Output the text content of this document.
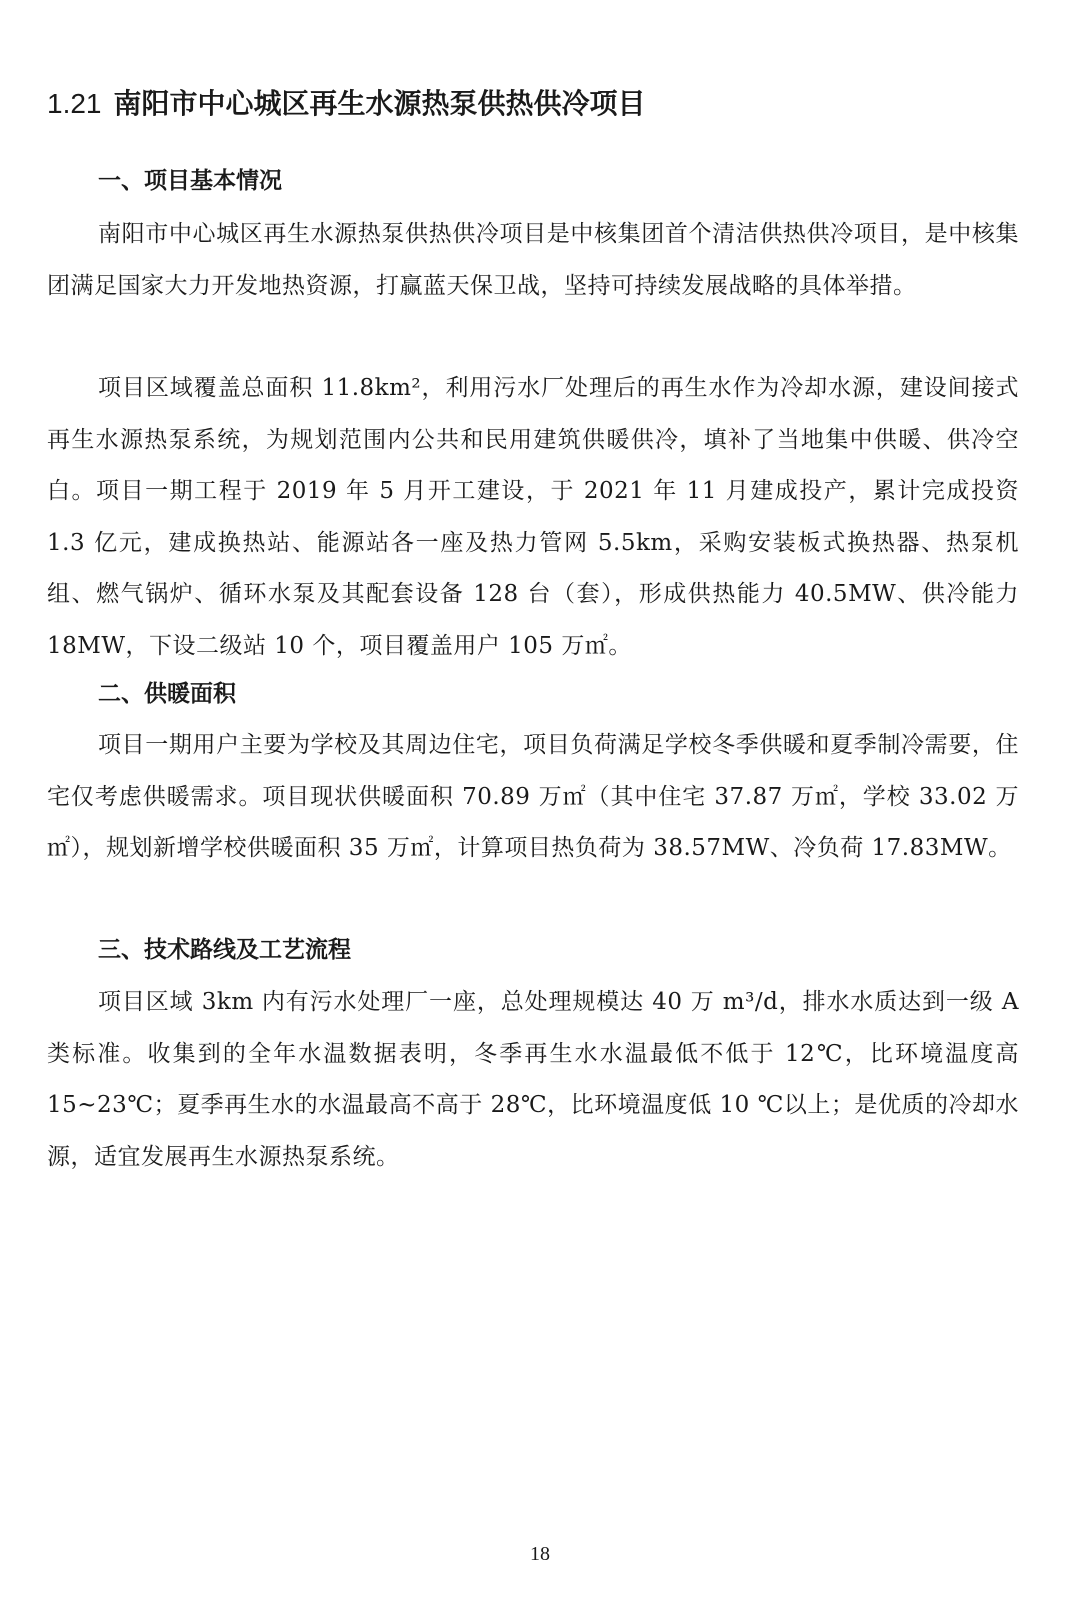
1.21 南阳市中心城区再生水源热泵供热供冷项目
一、项目基本情况
南阳市中心城区再生水源热泵供热供冷项目是中核集团首个清洁供热供冷项目，是中核集团满足国家大力开发地热资源，打赢蓝天保卫战，坚持可持续发展战略的具体举措。
项目区域覆盖总面积 11.8km²，利用污水厂处理后的再生水作为冷却水源，建设间接式再生水源热泵系统，为规划范围内公共和民用建筑供暖供冷，填补了当地集中供暖、供冷空白。项目一期工程于 2019 年 5 月开工建设，于 2021 年 11 月建成投产，累计完成投资 1.3 亿元，建成换热站、能源站各一座及热力管网 5.5km，采购安装板式换热器、热泵机组、燃气锅炉、循环水泵及其配套设备 128 台（套），形成供热能力 40.5MW、供冷能力 18MW，下设二级站 10 个，项目覆盖用户 105 万㎡。
二、供暖面积
项目一期用户主要为学校及其周边住宅，项目负荷满足学校冬季供暖和夏季制冷需要，住宅仅考虑供暖需求。项目现状供暖面积 70.89 万㎡（其中住宅 37.87 万㎡，学校 33.02 万㎡），规划新增学校供暖面积 35 万㎡，计算项目热负荷为 38.57MW、冷负荷 17.83MW。
三、技术路线及工艺流程
项目区域 3km 内有污水处理厂一座，总处理规模达 40 万 m³/d，排水水质达到一级 A 类标准。收集到的全年水温数据表明，冬季再生水水温最低不低于 12℃，比环境温度高 15~23℃；夏季再生水的水温最高不高于 28℃，比环境温度低 10 ℃以上；是优质的冷却水源，适宜发展再生水源热泵系统。
18
